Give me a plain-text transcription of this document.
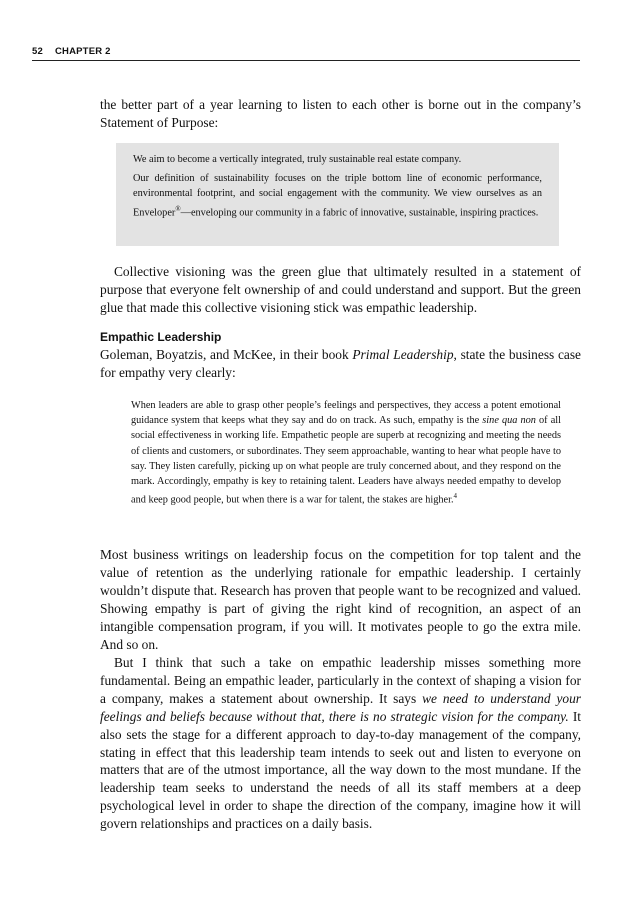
52 CHAPTER 2

the better part of a year learning to listen to each other is borne out in the company’s Statement of Purpose:

We aim to become a vertically integrated, truly sustainable real estate company.

Our definition of sustainability focuses on the triple bottom line of economic performance, environmental footprint, and social engagement with the community. We view ourselves as an Enveloper®—enveloping our community in a fabric of innovative, sustainable, inspiring practices.

Collective visioning was the green glue that ultimately resulted in a statement of purpose that everyone felt ownership of and could understand and support. But the green glue that made this collective visioning stick was empathic leadership.

Empathic Leadership

Goleman, Boyatzis, and McKee, in their book Primal Leadership, state the business case for empathy very clearly:

When leaders are able to grasp other people’s feelings and perspectives, they access a potent emotional guidance system that keeps what they say and do on track. As such, empathy is the sine qua non of all social effectiveness in working life. Empathetic people are superb at recognizing and meeting the needs of clients and customers, or subordinates. They seem approachable, wanting to hear what people have to say. They listen carefully, picking up on what people are truly concerned about, and they respond on the mark. Accordingly, empathy is key to retaining talent. Leaders have always needed empathy to develop and keep good people, but when there is a war for talent, the stakes are higher.$^4$

Most business writings on leadership focus on the competition for top talent and the value of retention as the underlying rationale for empathic leadership. I certainly wouldn’t dispute that. Research has proven that people want to be recognized and valued. Showing empathy is part of giving the right kind of recognition, an aspect of an intangible compensation program, if you will. It motivates people to go the extra mile. And so on.

But I think that such a take on empathic leadership misses something more fundamental. Being an empathic leader, particularly in the context of shaping a vision for a company, makes a statement about ownership. It says we need to understand your feelings and beliefs because without that, there is no strategic vision for the company. It also sets the stage for a different approach to day-to-day management of the company, stating in effect that this leadership team intends to seek out and listen to everyone on matters that are of the utmost importance, all the way down to the most mundane. If the leadership team seeks to understand the needs of all its staff members at a deep psychological level in order to shape the direction of the company, imagine how it will govern relationships and practices on a daily basis.
